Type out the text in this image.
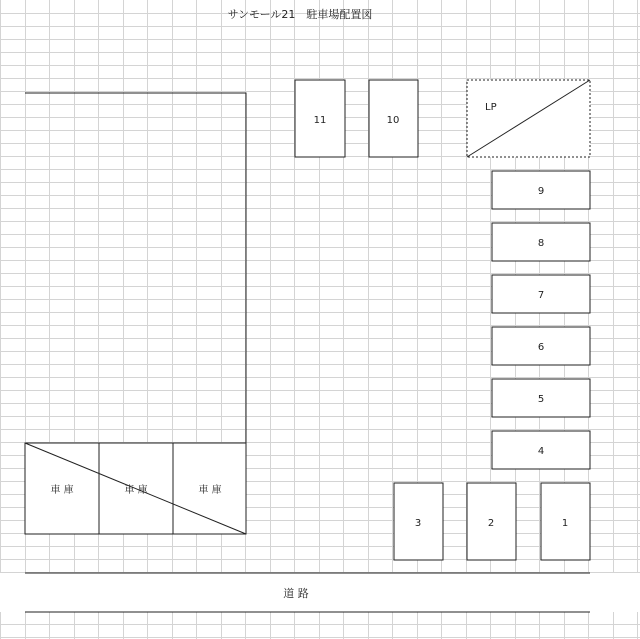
サンモール21　駐車場配置図
車 庫	車 庫	車 庫
11	10
LP
9
8
7
6
5
4
3	2	1
道 路
